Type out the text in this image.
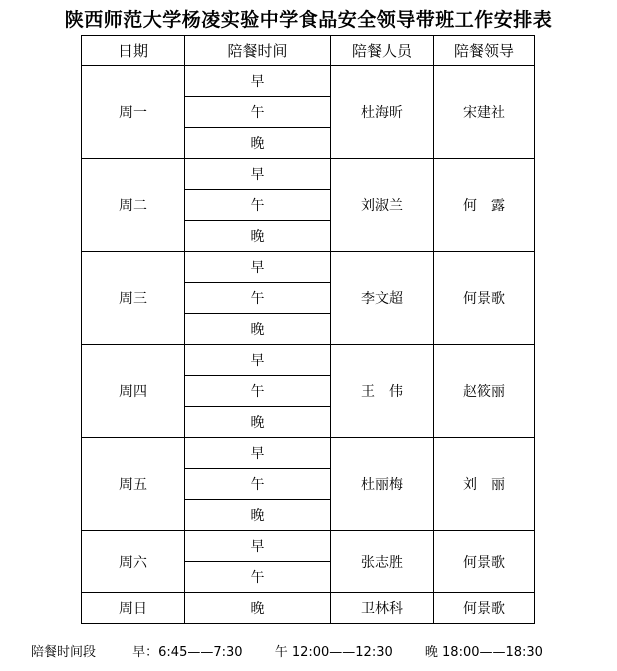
陕西师范大学杨凌实验中学食品安全领导带班工作安排表
日期	陪餐时间	陪餐人员	陪餐领导
周一	早	杜海昕	宋建社
	午		
	晚		
周二	早	刘淑兰	何　露
	午		
	晚		
周三	早	李文超	何景歌
	午		
	晚		
周四	早	王　伟	赵筱丽
	午		
	晚		
周五	早	杜丽梅	刘　丽
	午		
	晚		
周六	早	张志胜	何景歌
	午		
周日	晚	卫林科	何景歌
陪餐时间段	早：6:45——7:30 午 12:00——12:30 晚 18:00——18:30
